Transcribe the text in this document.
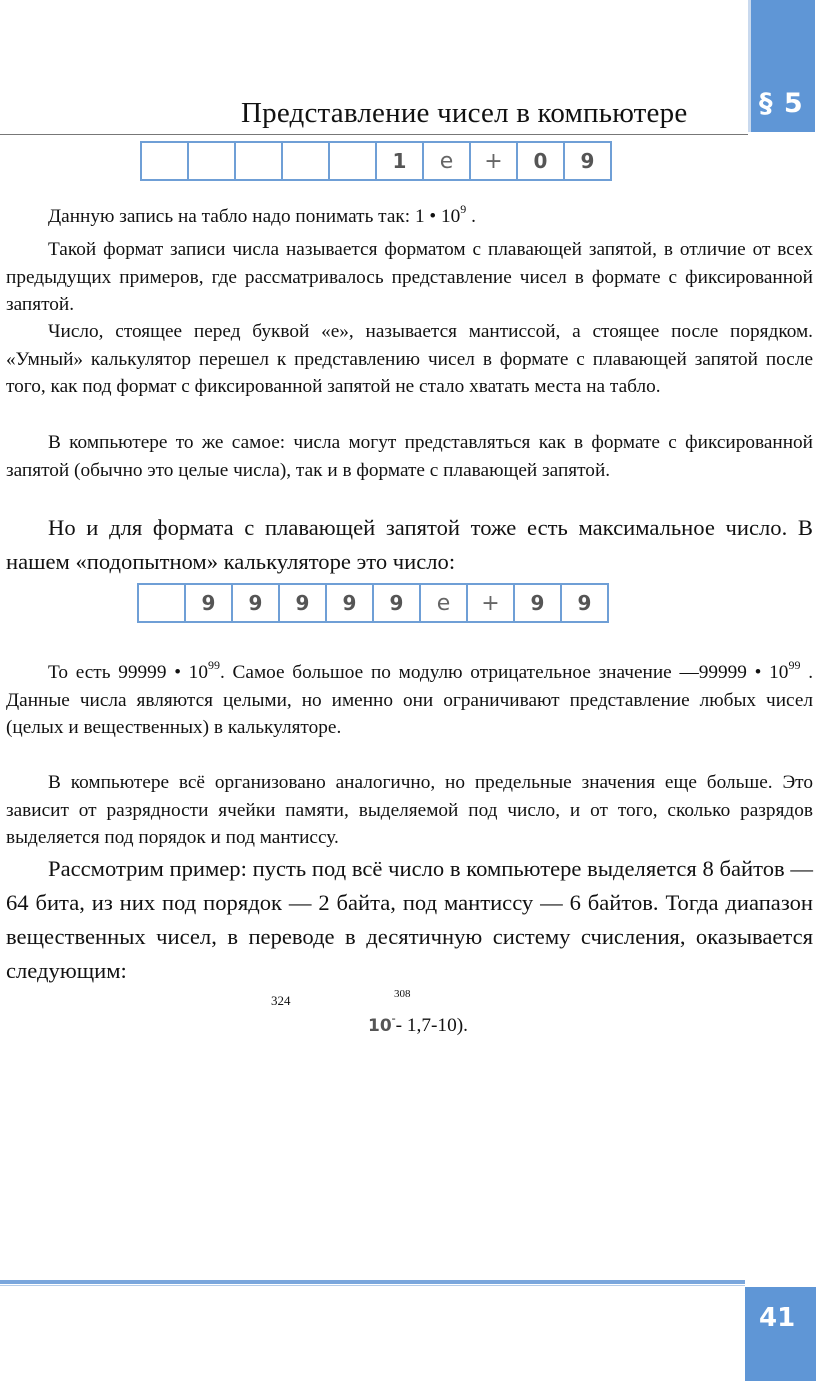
§ 5
Представление чисел в компьютере
1	e	+	0	9

Данную запись на табло надо понимать так: 1 • $10^9$ .

Такой формат записи числа называется форматом с плавающей запятой, в отличие от всех предыдущих примеров, где рассматривалось представление чисел в формате с фиксированной запятой.

Число, стоящее перед буквой «е», называется мантиссой, а стоящее после порядком. «Умный» калькулятор перешел к представлению чисел в формате с плавающей запятой после того, как под формат с фиксированной запятой не стало хватать места на табло.

В компьютере то же самое: числа могут представляться как в формате с фиксированной запятой (обычно это целые числа), так и в формате с плавающей запятой.

Но и для формата с плавающей запятой тоже есть максимальное число. В нашем «подопытном» калькуляторе это число:

9	9	9	9	9	e	+	9	9

То есть 99999 • $10^{99}$. Самое большое по модулю отрицательное значение —99999 • $10^{99}$ . Данные числа являются целыми, но именно они ограничивают представление любых чисел (целых и вещественных) в калькуляторе.

В компьютере всё организовано аналогично, но предельные значения еще больше. Это зависит от разрядности ячейки памяти, выделяемой под число, и от того, сколько разрядов выделяется под порядок и под мантиссу.

Рассмотрим пример: пусть под всё число в компьютере выделяется 8 байтов — 64 бита, из них под порядок — 2 байта, под мантиссу — 6 байтов. Тогда диапазон вещественных чисел, в переводе в десятичную систему счисления, оказывается следующим:

324	308
10-- 1,7-10).
41
